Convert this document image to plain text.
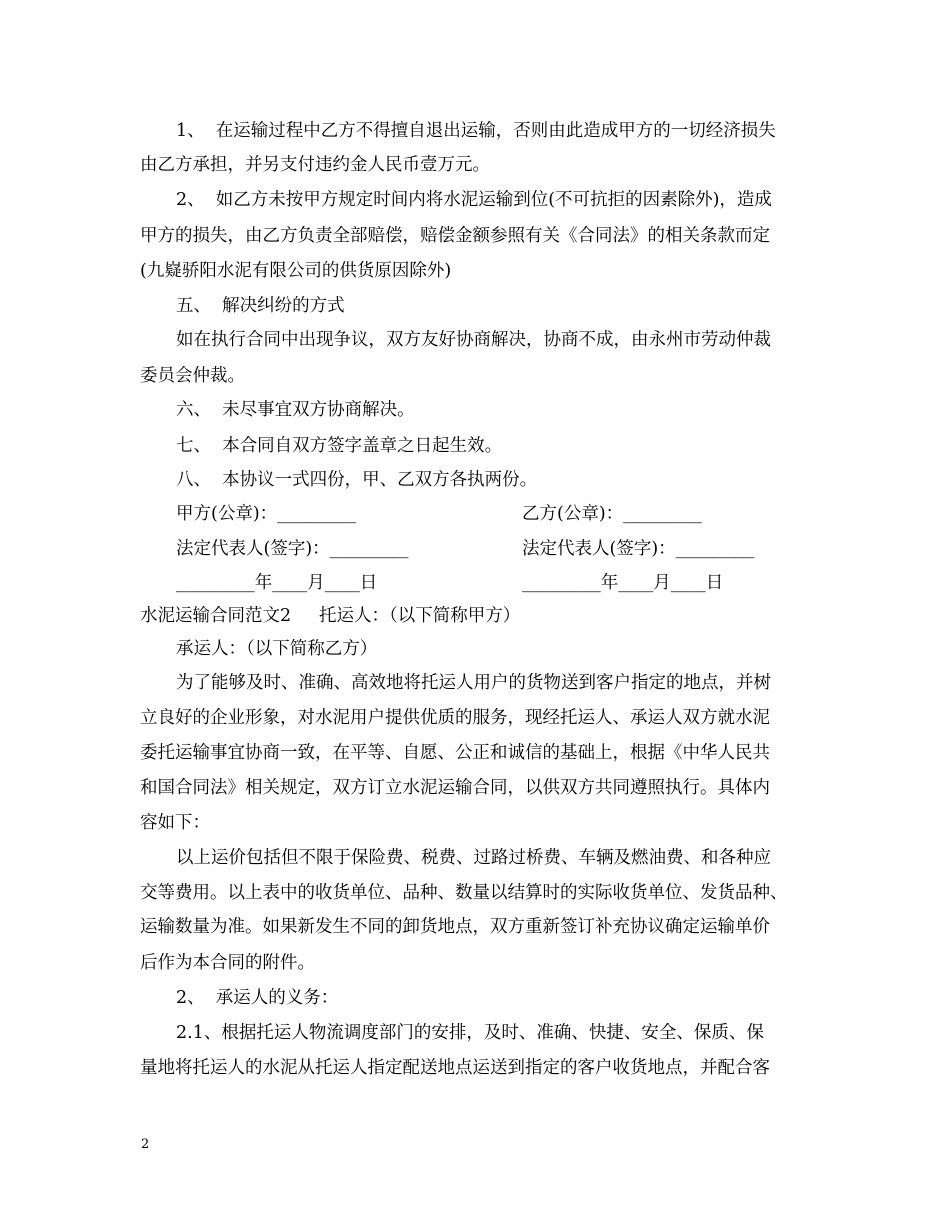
1、  在运输过程中乙方不得擅自退出运输，否则由此造成甲方的一切经济损失
由乙方承担，并另支付违约金人民币壹万元。
2、  如乙方未按甲方规定时间内将水泥运输到位(不可抗拒的因素除外)，造成
甲方的损失，由乙方负责全部赔偿，赔偿金额参照有关《合同法》的相关条款而定
(九嶷骄阳水泥有限公司的供货原因除外)
五、  解决纠纷的方式
如在执行合同中出现争议，双方友好协商解决，协商不成，由永州市劳动仲裁
委员会仲裁。
六、  未尽事宜双方协商解决。
七、  本合同自双方签字盖章之日起生效。
八、  本协议一式四份，甲、乙双方各执两份。
甲方(公章)：_________	乙方(公章)：_________
法定代表人(签字)：_________	法定代表人(签字)：_________
_________年____月____日	_________年____月____日
水泥运输合同范文2     托运人：（以下简称甲方）
承运人：（以下简称乙方）
为了能够及时、准确、高效地将托运人用户的货物送到客户指定的地点，并树
立良好的企业形象，对水泥用户提供优质的服务，现经托运人、承运人双方就水泥
委托运输事宜协商一致，在平等、自愿、公正和诚信的基础上，根据《中华人民共
和国合同法》相关规定，双方订立水泥运输合同，以供双方共同遵照执行。具体内
容如下：
以上运价包括但不限于保险费、税费、过路过桥费、车辆及燃油费、和各种应
交等费用。以上表中的收货单位、品种、数量以结算时的实际收货单位、发货品种、
运输数量为准。如果新发生不同的卸货地点，双方重新签订补充协议确定运输单价
后作为本合同的附件。
2、  承运人的义务：
2.1、根据托运人物流调度部门的安排，及时、准确、快捷、安全、保质、保
量地将托运人的水泥从托运人指定配送地点运送到指定的客户收货地点，并配合客
2
